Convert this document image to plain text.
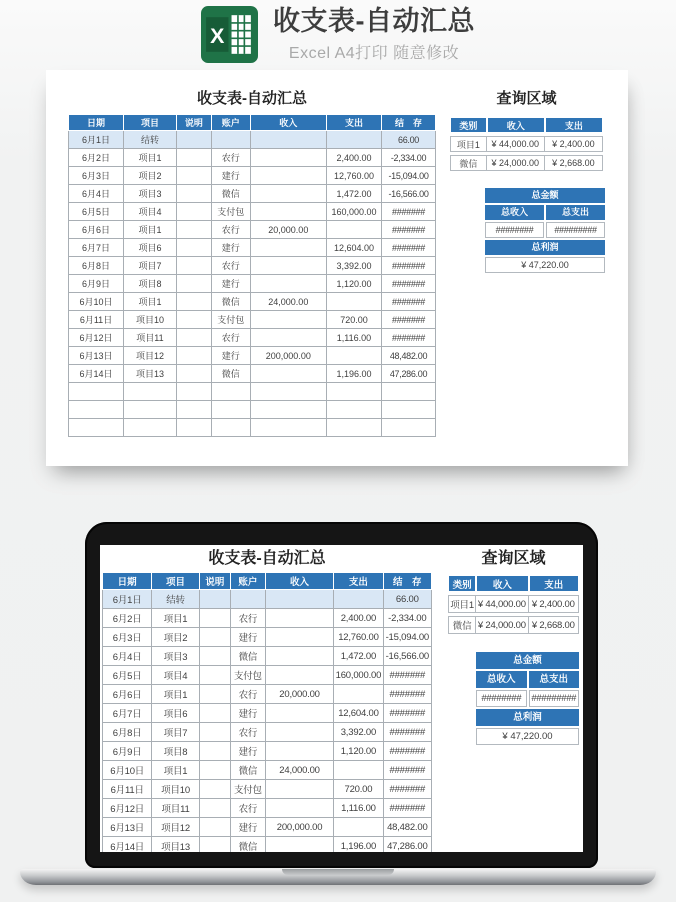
X 收支表-自动汇总
Excel A4打印 随意修改
收支表-自动汇总
日期	项目	说明	账户	收入	支出	结　存
6月1日	结转					66.00
6月2日	项目1		农行		2,400.00	-2,334.00
6月3日	项目2		建行		12,760.00	-15,094.00
6月4日	项目3		微信		1,472.00	-16,566.00
6月5日	项目4		支付包		160,000.00	#######
6月6日	项目1		农行	20,000.00		#######
6月7日	项目6		建行		12,604.00	#######
6月8日	项目7		农行		3,392.00	#######
6月9日	项目8		建行		1,120.00	#######
6月10日	项目1		微信	24,000.00		#######
6月11日	项目10		支付包		720.00	#######
6月12日	项目11		农行		1,116.00	#######
6月13日	项目12		建行	200,000.00		48,482.00
6月14日	项目13		微信		1,196.00	47,286.00

查询区域
类别	收入	支出
项目1	¥ 44,000.00	¥ 2,400.00
微信	¥ 24,000.00	¥ 2,668.00
总金额
总收入	总支出
########	#########
总利润
¥ 47,220.00
收支表-自动汇总
日期	项目	说明	账户	收入	支出	结　存
6月1日	结转					66.00
6月2日	项目1		农行		2,400.00	-2,334.00
6月3日	项目2		建行		12,760.00	-15,094.00
6月4日	项目3		微信		1,472.00	-16,566.00
6月5日	项目4		支付包		160,000.00	#######
6月6日	项目1		农行	20,000.00		#######
6月7日	项目6		建行		12,604.00	#######
6月8日	项目7		农行		3,392.00	#######
6月9日	项目8		建行		1,120.00	#######
6月10日	项目1		微信	24,000.00		#######
6月11日	项目10		支付包		720.00	#######
6月12日	项目11		农行		1,116.00	#######
6月13日	项目12		建行	200,000.00		48,482.00
6月14日	项目13		微信		1,196.00	47,286.00

查询区域
类别	收入	支出
项目1	¥ 44,000.00	¥ 2,400.00
微信	¥ 24,000.00	¥ 2,668.00
总金额
总收入	总支出
########	#########
总利润
¥ 47,220.00
